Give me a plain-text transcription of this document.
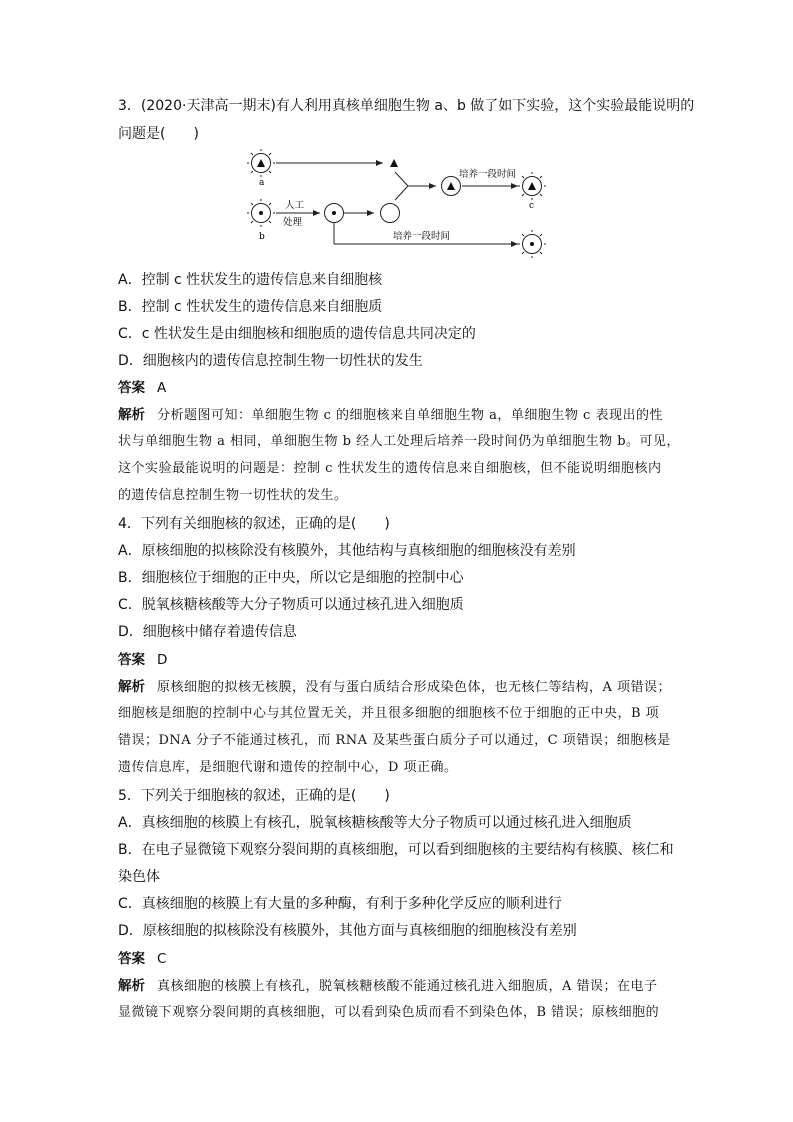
3．(2020·天津高一期末)有人利用真核单细胞生物 a、b 做了如下实验，这个实验最能说明的
问题是(　　)
a
培养一段时间
c
b
人工
处理
培养一段时间
A．控制 c 性状发生的遗传信息来自细胞核
B．控制 c 性状发生的遗传信息来自细胞质
C．c 性状发生是由细胞核和细胞质的遗传信息共同决定的
D．细胞核内的遗传信息控制生物一切性状的发生
答案 A
解析 分析题图可知：单细胞生物 c 的细胞核来自单细胞生物 a，单细胞生物 c 表现出的性
状与单细胞生物 a 相同，单细胞生物 b 经人工处理后培养一段时间仍为单细胞生物 b。可见，
这个实验最能说明的问题是：控制 c 性状发生的遗传信息来自细胞核，但不能说明细胞核内
的遗传信息控制生物一切性状的发生。
4．下列有关细胞核的叙述，正确的是(　　)
A．原核细胞的拟核除没有核膜外，其他结构与真核细胞的细胞核没有差别
B．细胞核位于细胞的正中央，所以它是细胞的控制中心
C．脱氧核糖核酸等大分子物质可以通过核孔进入细胞质
D．细胞核中储存着遗传信息
答案 D
解析 原核细胞的拟核无核膜，没有与蛋白质结合形成染色体，也无核仁等结构，A 项错误；
细胞核是细胞的控制中心与其位置无关，并且很多细胞的细胞核不位于细胞的正中央，B 项
错误；DNA 分子不能通过核孔，而 RNA 及某些蛋白质分子可以通过，C 项错误；细胞核是
遗传信息库，是细胞代谢和遗传的控制中心，D 项正确。
5．下列关于细胞核的叙述，正确的是(　　)
A．真核细胞的核膜上有核孔，脱氧核糖核酸等大分子物质可以通过核孔进入细胞质
B．在电子显微镜下观察分裂间期的真核细胞，可以看到细胞核的主要结构有核膜、核仁和
染色体
C．真核细胞的核膜上有大量的多种酶，有利于多种化学反应的顺利进行
D．原核细胞的拟核除没有核膜外，其他方面与真核细胞的细胞核没有差别
答案 C
解析 真核细胞的核膜上有核孔，脱氧核糖核酸不能通过核孔进入细胞质，A 错误；在电子
显微镜下观察分裂间期的真核细胞，可以看到染色质而看不到染色体，B 错误；原核细胞的
